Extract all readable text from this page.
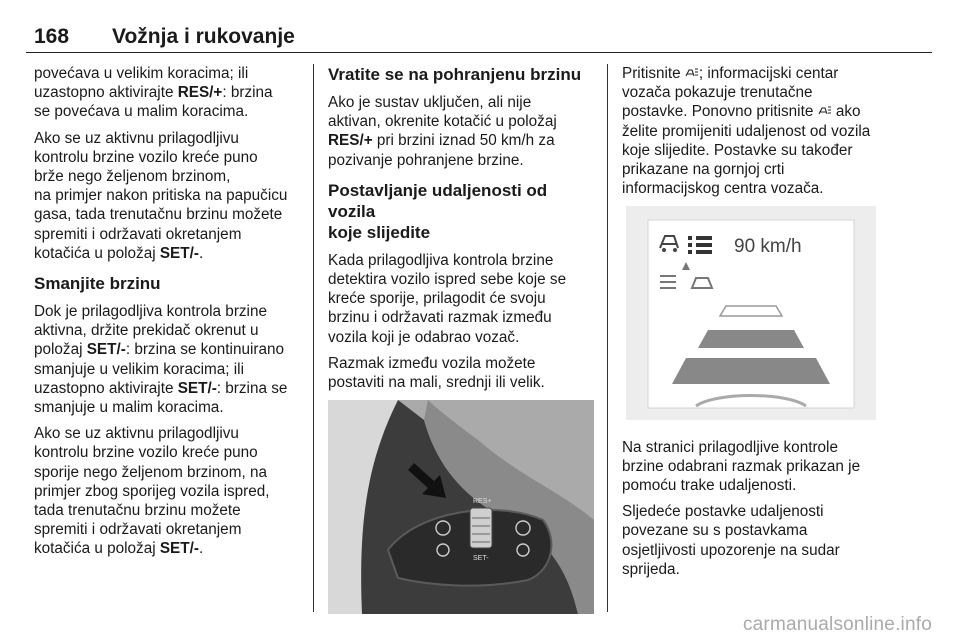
168 Vožnja i rukovanje

povećava u velikim koracima; ili
uzastopno aktivirajte RES/+: brzina
se povećava u malim koracima.

Ako se uz aktivnu prilagodljivu
kontrolu brzine vozilo kreće puno
brže nego željenom brzinom,
na primjer nakon pritiska na papučicu
gasa, tada trenutačnu brzinu možete
spremiti i održavati okretanjem
kotačića u položaj SET/-.

Smanjite brzinu

Dok je prilagodljiva kontrola brzine
aktivna, držite prekidač okrenut u
položaj SET/-: brzina se kontinuirano
smanjuje u velikim koracima; ili
uzastopno aktivirajte SET/-: brzina se
smanjuje u malim koracima.

Ako se uz aktivnu prilagodljivu
kontrolu brzine vozilo kreće puno
sporije nego željenom brzinom, na
primjer zbog sporijeg vozila ispred,
tada trenutačnu brzinu možete
spremiti i održavati okretanjem
kotačića u položaj SET/-.

Vratite se na pohranjenu brzinu

Ako je sustav uključen, ali nije
aktivan, okrenite kotačić u položaj
RES/+ pri brzini iznad 50 km/h za
pozivanje pohranjene brzine.

Postavljanje udaljenosti od vozila
koje slijedite

Kada prilagodljiva kontrola brzine
detektira vozilo ispred sebe koje se
kreće sporije, prilagodit će svoju
brzinu i održavati razmak između
vozila koji je odabrao vozač.

Razmak između vozila možete
postaviti na mali, srednji ili velik.

RES+
SET-

Pritisnite ; informacijski centar
vozača pokazuje trenutačne
postavke. Ponovno pritisnite  ako
želite promijeniti udaljenost od vozila
koje slijedite. Postavke su također
prikazane na gornjoj crti
informacijskog centra vozača.

90 km/h

Na stranici prilagodljive kontrole
brzine odabrani razmak prikazan je
pomoću trake udaljenosti.

Sljedeće postavke udaljenosti
povezane su s postavkama
osjetljivosti upozorenje na sudar
sprijeda.

carmanualsonline.info
